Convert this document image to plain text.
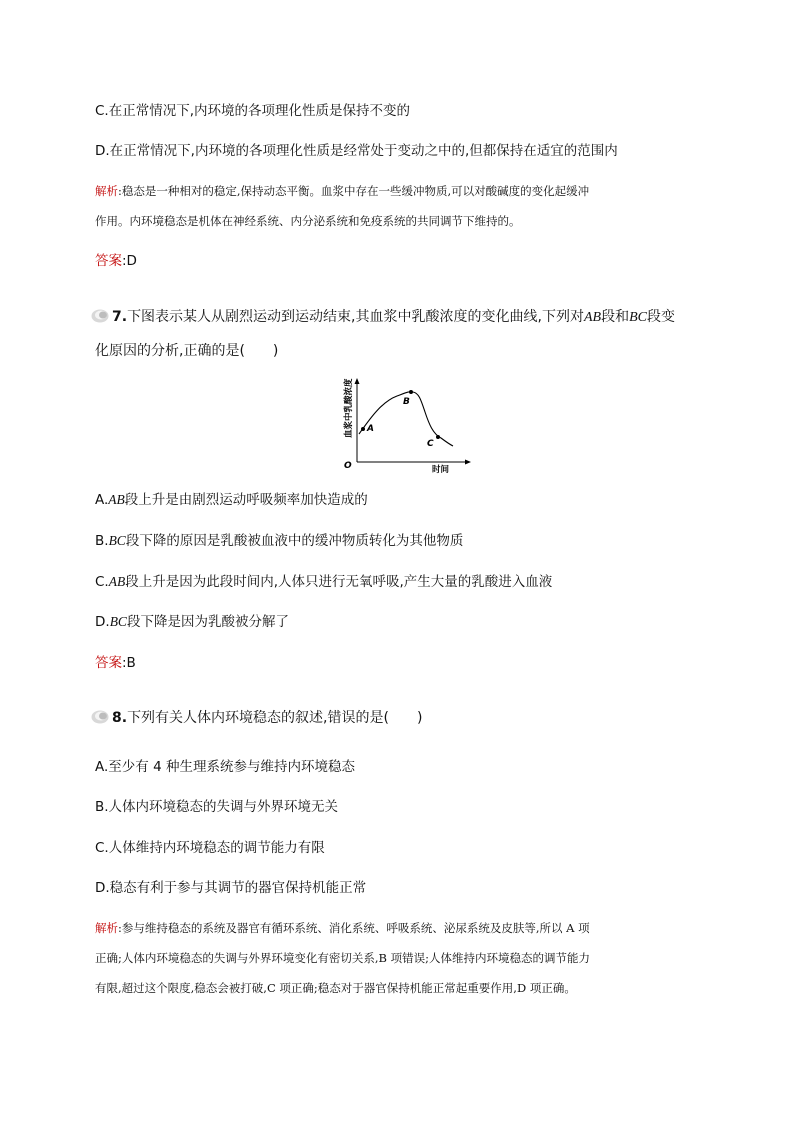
C.在正常情况下,内环境的各项理化性质是保持不变的
D.在正常情况下,内环境的各项理化性质是经常处于变动之中的,但都保持在适宜的范围内
解析:稳态是一种相对的稳定,保持动态平衡。血浆中存在一些缓冲物质,可以对酸碱度的变化起缓冲
作用。内环境稳态是机体在神经系统、内分泌系统和免疫系统的共同调节下维持的。
答案:D
7.下图表示某人从剧烈运动到运动结束,其血浆中乳酸浓度的变化曲线,下列对AB段和BC段变
化原因的分析,正确的是(　　)
血浆中乳酸浓度
时间
O
A
B
C
A.AB段上升是由剧烈运动呼吸频率加快造成的
B.BC段下降的原因是乳酸被血液中的缓冲物质转化为其他物质
C.AB段上升是因为此段时间内,人体只进行无氧呼吸,产生大量的乳酸进入血液
D.BC段下降是因为乳酸被分解了
答案:B
8.下列有关人体内环境稳态的叙述,错误的是(　　)
A.至少有 4 种生理系统参与维持内环境稳态
B.人体内环境稳态的失调与外界环境无关
C.人体维持内环境稳态的调节能力有限
D.稳态有利于参与其调节的器官保持机能正常
解析:参与维持稳态的系统及器官有循环系统、消化系统、呼吸系统、泌尿系统及皮肤等,所以 A 项
正确;人体内环境稳态的失调与外界环境变化有密切关系,B 项错误;人体维持内环境稳态的调节能力
有限,超过这个限度,稳态会被打破,C 项正确;稳态对于器官保持机能正常起重要作用,D 项正确。
